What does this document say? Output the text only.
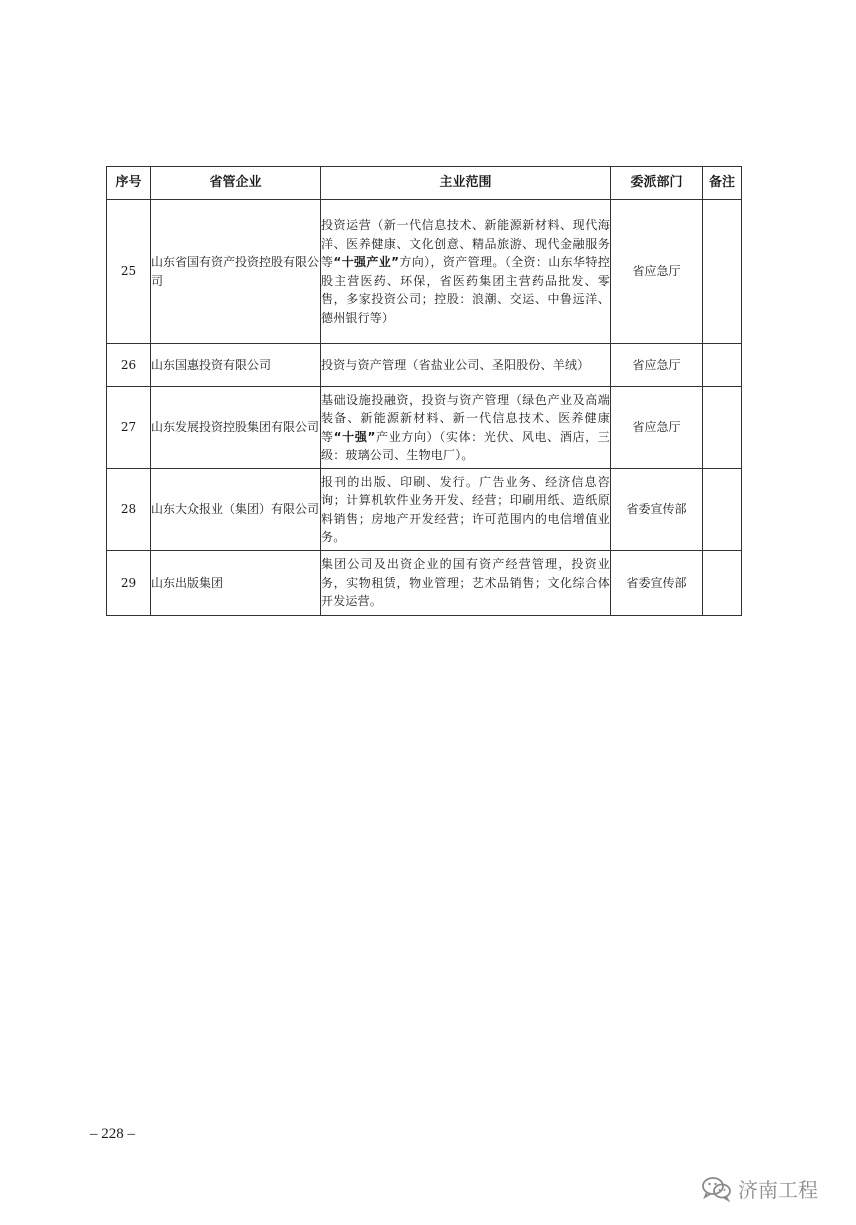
序号	省管企业	主业范围	委派部门	备注
25	山东省国有资产投资控股有限公司	投资运营（新一代信息技术、新能源新材料、现代海洋、医养健康、文化创意、精品旅游、现代金融服务等“十强产业”方向），资产管理。（全资：山东华特控股主营医药、环保，省医药集团主营药品批发、零售，多家投资公司；控股：浪潮、交运、中鲁远洋、德州银行等）	省应急厅	
26	山东国惠投资有限公司	投资与资产管理（省盐业公司、圣阳股份、羊绒）	省应急厅	
27	山东发展投资控股集团有限公司	基础设施投融资，投资与资产管理（绿色产业及高端装备、新能源新材料、新一代信息技术、医养健康等“十强”产业方向）（实体：光伏、风电、酒店，三级：玻璃公司、生物电厂）。	省应急厅	
28	山东大众报业（集团）有限公司	报刊的出版、印刷、发行。广告业务、经济信息咨询；计算机软件业务开发、经营；印刷用纸、造纸原料销售；房地产开发经营；许可范围内的电信增值业务。	省委宣传部	
29	山东出版集团	集团公司及出资企业的国有资产经营管理，投资业务，实物租赁，物业管理；艺术品销售；文化综合体开发运营。	省委宣传部	
– 228 –
济南工程
